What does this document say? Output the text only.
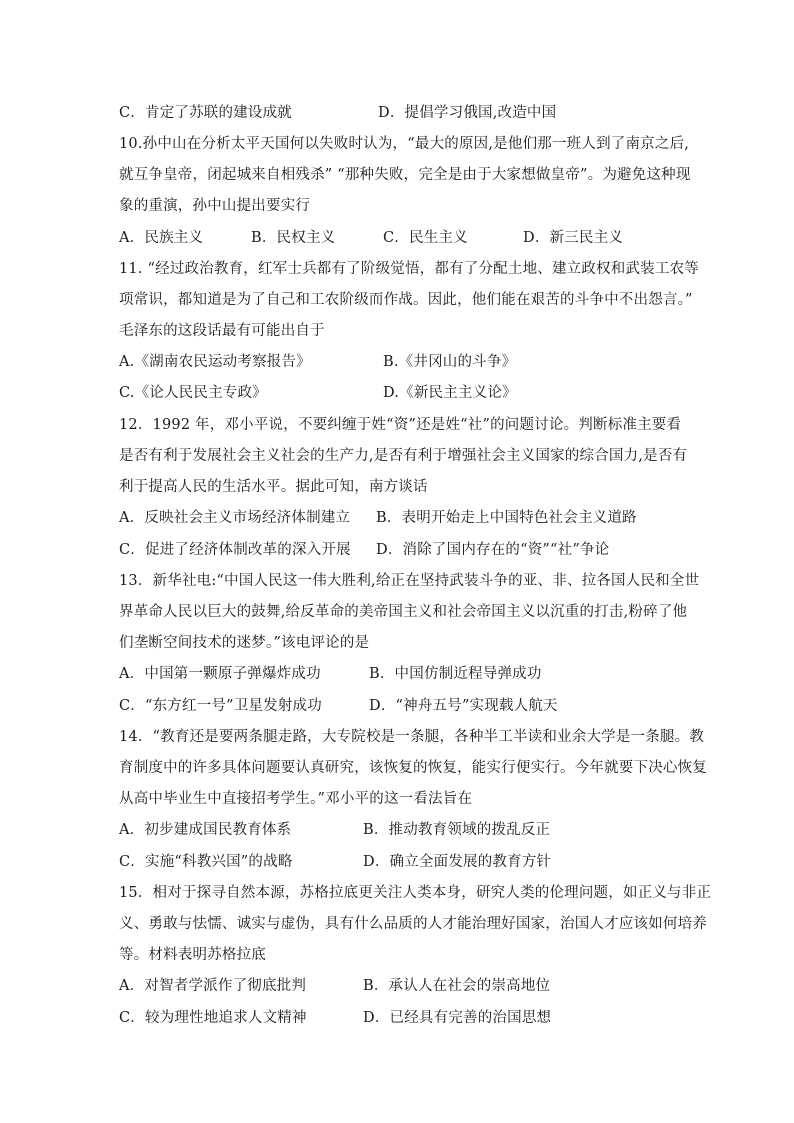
C．肯定了苏联的建设成就	D．提倡学习俄国,改造中国
10.孙中山在分析太平天国何以失败时认为，“最大的原因,是他们那一班人到了南京之后,
就互争皇帝，闭起城来自相残杀” “那种失败，完全是由于大家想做皇帝”。为避免这种现
象的重演，孙中山提出要实行
A．民族主义	B．民权主义	C．民生主义	D．新三民主义
11. “经过政治教育，红军士兵都有了阶级觉悟，都有了分配土地、建立政权和武装工农等
项常识，都知道是为了自己和工农阶级而作战。因此，他们能在艰苦的斗争中不出怨言。”
毛泽东的这段话最有可能出自于
A.《湖南农民运动考察报告》	B.《井冈山的斗争》
C.《论人民民主专政》	D.《新民主主义论》
12．1992 年，邓小平说，不要纠缠于姓“资”还是姓“社”的问题讨论。判断标准主要看
是否有利于发展社会主义社会的生产力,是否有利于增强社会主义国家的综合国力,是否有
利于提高人民的生活水平。据此可知，南方谈话
A．反映社会主义市场经济体制建立 B．表明开始走上中国特色社会主义道路
C．促进了经济体制改革的深入开展 D．消除了国内存在的“资”“社”争论
13．新华社电:“中国人民这一伟大胜利,给正在坚持武装斗争的亚、非、拉各国人民和全世
界革命人民以巨大的鼓舞,给反革命的美帝国主义和社会帝国主义以沉重的打击,粉碎了他
们垄断空间技术的迷梦。”该电评论的是
A．中国第一颗原子弹爆炸成功	B．中国仿制近程导弹成功
C．“东方红一号”卫星发射成功	D．“神舟五号”实现载人航天
14．“教育还是要两条腿走路，大专院校是一条腿，各种半工半读和业余大学是一条腿。教
育制度中的许多具体问题要认真研究，该恢复的恢复，能实行便实行。今年就要下决心恢复
从高中毕业生中直接招考学生。”邓小平的这一看法旨在
A．初步建成国民教育体系	B．推动教育领域的拨乱反正
C．实施“科教兴国”的战略	D．确立全面发展的教育方针
15．相对于探寻自然本源，苏格拉底更关注人类本身，研究人类的伦理问题，如正义与非正
义、勇敢与怯懦、诚实与虚伪，具有什么品质的人才能治理好国家，治国人才应该如何培养
等。材料表明苏格拉底
A．对智者学派作了彻底批判	B．承认人在社会的崇高地位
C．较为理性地追求人文精神	D．已经具有完善的治国思想
